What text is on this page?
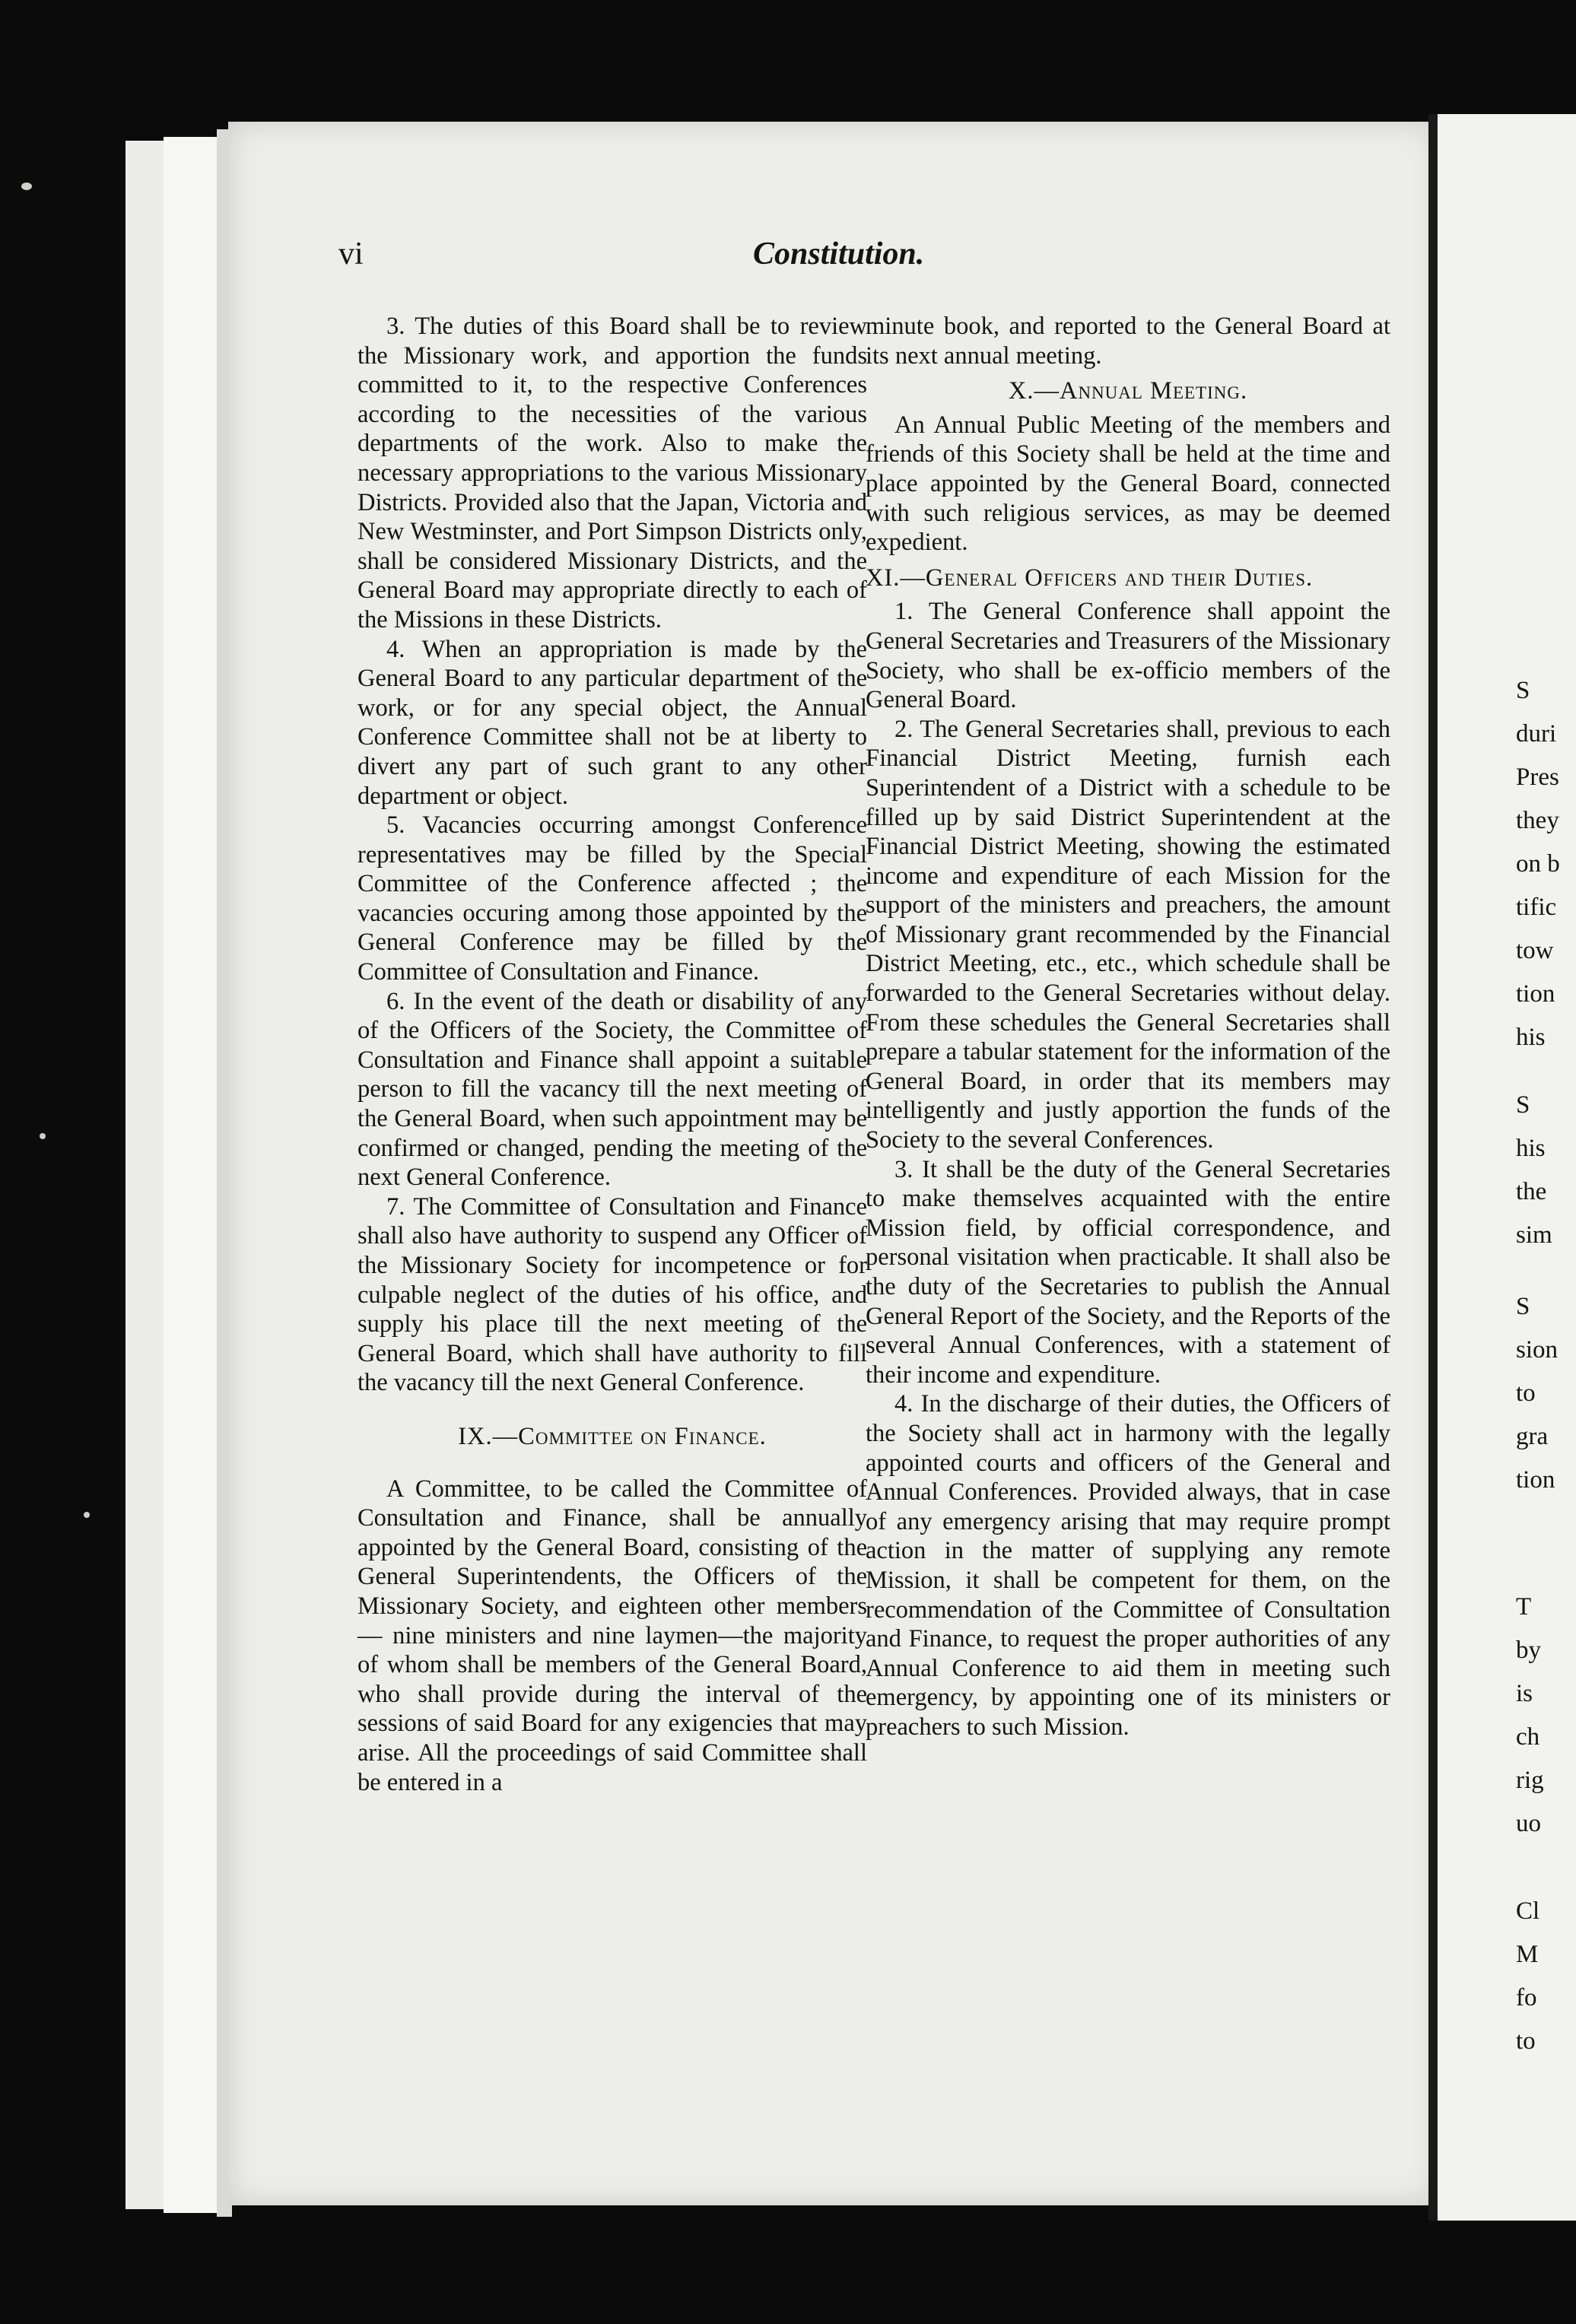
vi	Constitution.

3. The duties of this Board shall be to review the Missionary work, and apportion the funds committed to it, to the respective Conferences according to the necessities of the various departments of the work. Also to make the necessary appropriations to the various Missionary Districts. Provided also that the Japan, Victoria and New Westminster, and Port Simpson Districts only, shall be considered Missionary Districts, and the General Board may appropriate directly to each of the Missions in these Districts.

4. When an appropriation is made by the General Board to any particular department of the work, or for any special object, the Annual Conference Committee shall not be at liberty to divert any part of such grant to any other department or object.

5. Vacancies occurring amongst Conference representatives may be filled by the Special Committee of the Conference affected ; the vacancies occuring among those appointed by the General Conference may be filled by the Committee of Consultation and Finance.

6. In the event of the death or disability of any of the Officers of the Society, the Committee of Consultation and Finance shall appoint a suitable person to fill the vacancy till the next meeting of the General Board, when such appointment may be confirmed or changed, pending the meeting of the next General Conference.

7. The Committee of Consultation and Finance shall also have authority to suspend any Officer of the Missionary Society for incompetence or for culpable neglect of the duties of his office, and supply his place till the next meeting of the General Board, which shall have authority to fill the vacancy till the next General Conference.

IX.—Committee on Finance.

A Committee, to be called the Committee of Consultation and Finance, shall be annually appointed by the General Board, consisting of the General Superintendents, the Officers of the Missionary Society, and eighteen other members — nine ministers and nine laymen—the majority of whom shall be members of the General Board, who shall provide during the interval of the sessions of said Board for any exigencies that may arise. All the proceedings of said Committee shall be entered in a

minute book, and reported to the General Board at its next annual meeting.

X.—Annual Meeting.

An Annual Public Meeting of the members and friends of this Society shall be held at the time and place appointed by the General Board, connected with such religious services, as may be deemed expedient.

XI.—General Officers and their Duties.

1. The General Conference shall appoint the General Secretaries and Treasurers of the Missionary Society, who shall be ex-officio members of the General Board.

2. The General Secretaries shall, previous to each Financial District Meeting, furnish each Superintendent of a District with a schedule to be filled up by said District Superintendent at the Financial District Meeting, showing the estimated income and expenditure of each Mission for the support of the ministers and preachers, the amount of Missionary grant recommended by the Financial District Meeting, etc., etc., which schedule shall be forwarded to the General Secretaries without delay. From these schedules the General Secretaries shall prepare a tabular statement for the information of the General Board, in order that its members may intelligently and justly apportion the funds of the Society to the several Conferences.

3. It shall be the duty of the General Secretaries to make themselves acquainted with the entire Mission field, by official correspondence, and personal visitation when practicable. It shall also be the duty of the Secretaries to publish the Annual General Report of the Society, and the Reports of the several Annual Conferences, with a statement of their income and expenditure.

4. In the discharge of their duties, the Officers of the Society shall act in harmony with the legally appointed courts and officers of the General and Annual Conferences. Provided always, that in case of any emergency arising that may require prompt action in the matter of supplying any remote Mission, it shall be competent for them, on the recommendation of the Committee of Consultation and Finance, to request the proper authorities of any Annual Conference to aid them in meeting such emergency, by appointing one of its ministers or preachers to such Mission.

S
duri
Pres
they
on b
tific
tow
tion
his
S
his
the
sim
S
sion
to
gra
tion
T
by
is
ch
rig
uo
Cl
M
fo
to
